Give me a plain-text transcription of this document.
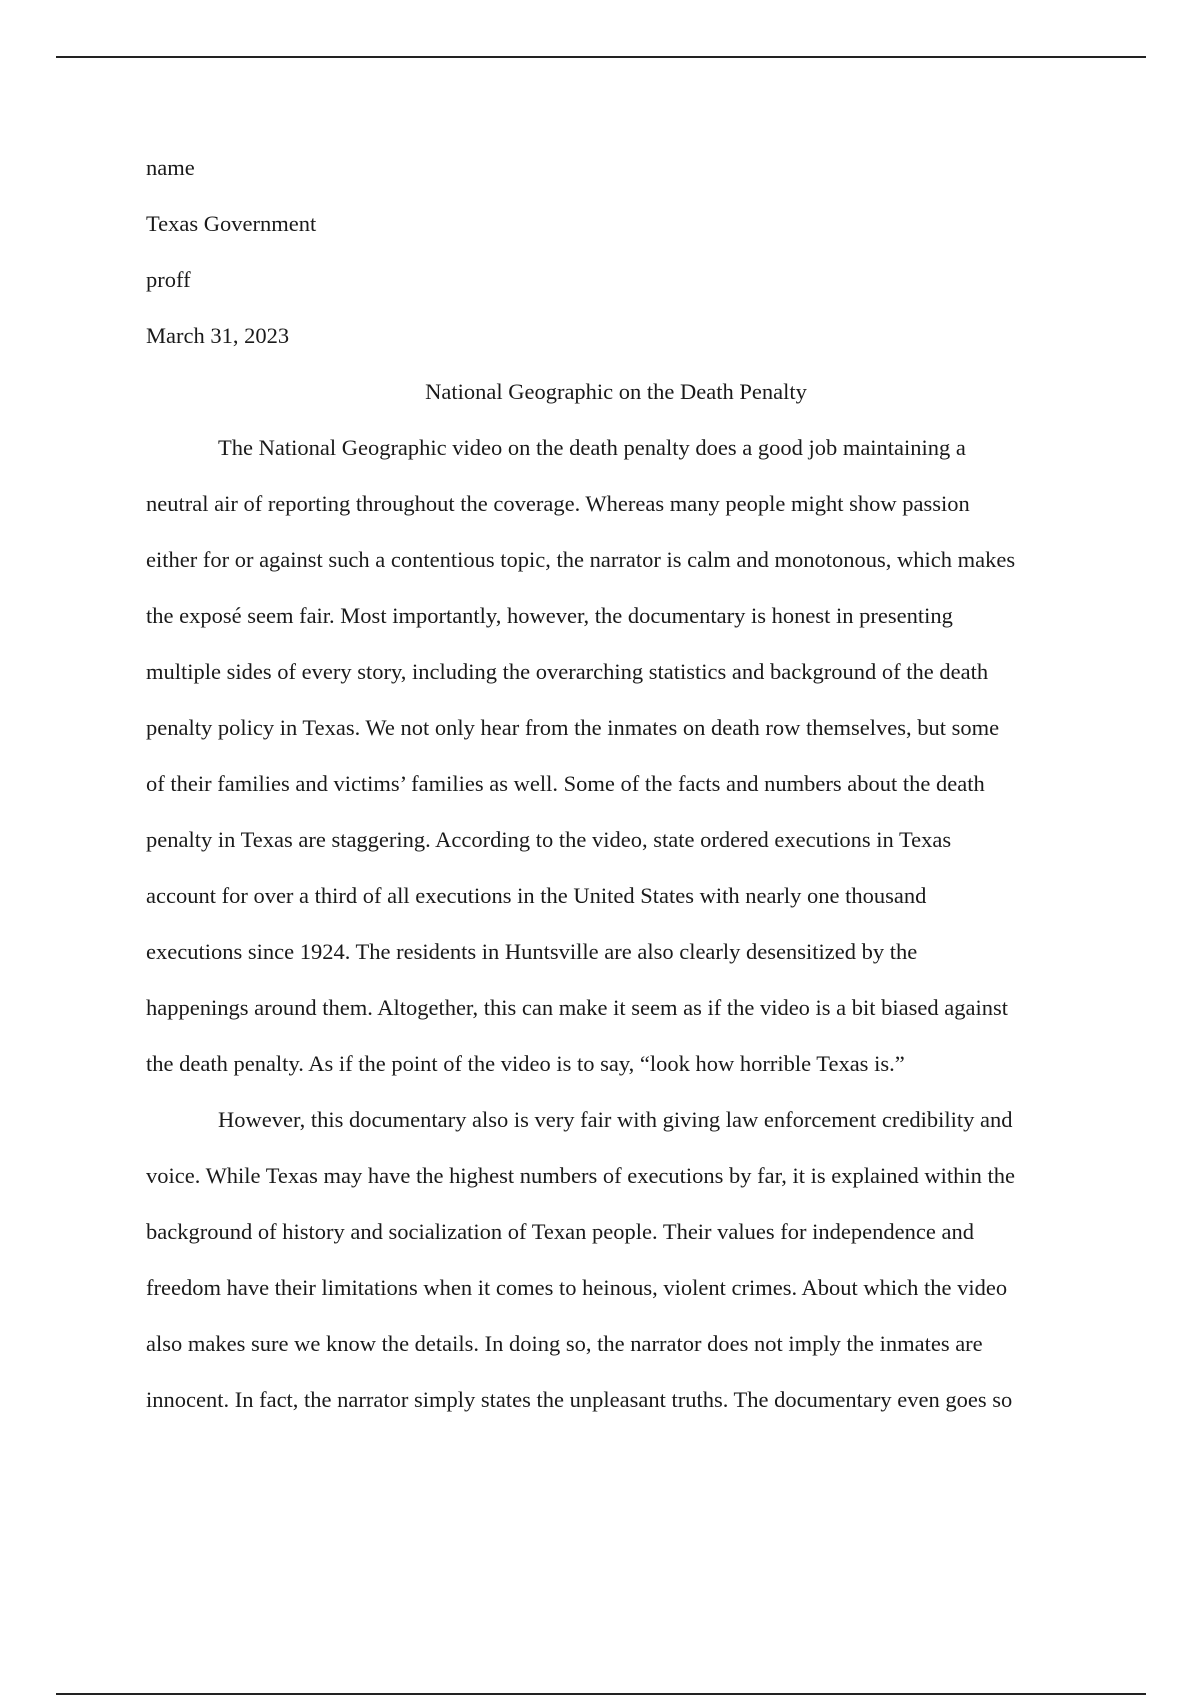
name

Texas Government

proff

March 31, 2023

National Geographic on the Death Penalty

The National Geographic video on the death penalty does a good job maintaining a

neutral air of reporting throughout the coverage. Whereas many people might show passion

either for or against such a contentious topic, the narrator is calm and monotonous, which makes

the exposé seem fair. Most importantly, however, the documentary is honest in presenting

multiple sides of every story, including the overarching statistics and background of the death

penalty policy in Texas. We not only hear from the inmates on death row themselves, but some

of their families and victims’ families as well. Some of the facts and numbers about the death

penalty in Texas are staggering. According to the video, state ordered executions in Texas

account for over a third of all executions in the United States with nearly one thousand

executions since 1924. The residents in Huntsville are also clearly desensitized by the

happenings around them. Altogether, this can make it seem as if the video is a bit biased against

the death penalty. As if the point of the video is to say, “look how horrible Texas is.”

However, this documentary also is very fair with giving law enforcement credibility and

voice. While Texas may have the highest numbers of executions by far, it is explained within the

background of history and socialization of Texan people. Their values for independence and

freedom have their limitations when it comes to heinous, violent crimes. About which the video

also makes sure we know the details. In doing so, the narrator does not imply the inmates are

innocent. In fact, the narrator simply states the unpleasant truths. The documentary even goes so
